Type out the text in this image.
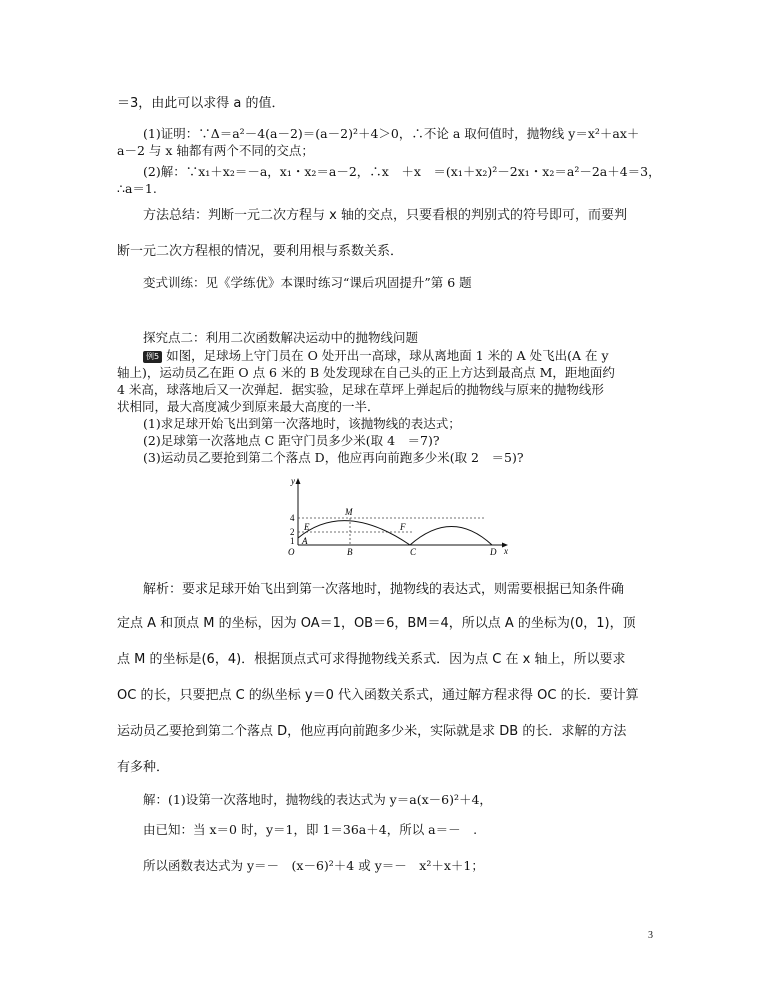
＝3，由此可以求得 a 的值．
(1)证明：∵Δ＝a²－4(a－2)＝(a－2)²＋4＞0，∴不论 a 取何值时，抛物线 y＝x²＋ax＋
a－2 与 x 轴都有两个不同的交点；
(2)解：∵x₁＋x₂＝－a，x₁・x₂＝a－2，∴x　＋x　＝(x₁＋x₂)²－2x₁・x₂＝a²－2a＋4＝3，
∴a＝1.
方法总结：判断一元二次方程与 x 轴的交点，只要看根的判别式的符号即可，而要判
断一元二次方程根的情况，要利用根与系数关系．
变式训练：见《学练优》本课时练习“课后巩固提升”第 6 题
探究点二：利用二次函数解决运动中的抛物线问题
例5 如图，足球场上守门员在 O 处开出一高球，球从离地面 1 米的 A 处飞出(A 在 y
轴上)，运动员乙在距 O 点 6 米的 B 处发现球在自己头的正上方达到最高点 M，距地面约
4 米高，球落地后又一次弹起．据实验，足球在草坪上弹起后的抛物线与原来的抛物线形
状相同，最大高度减少到原来最大高度的一半．
(1)求足球开始飞出到第一次落地时，该抛物线的表达式；
(2)足球第一次落地点 C 距守门员多少米(取 4　＝7)?
(3)运动员乙要抢到第二个落点 D，他应再向前跑多少米(取 2　＝5)?
解析：要求足球开始飞出到第一次落地时，抛物线的表达式，则需要根据已知条件确
定点 A 和顶点 M 的坐标，因为 OA＝1，OB＝6，BM＝4，所以点 A 的坐标为(0，1)，顶
点 M 的坐标是(6，4)．根据顶点式可求得抛物线关系式．因为点 C 在 x 轴上，所以要求
OC 的长，只要把点 C 的纵坐标 y＝0 代入函数关系式，通过解方程求得 OC 的长．要计算
运动员乙要抢到第二个落点 D，他应再向前跑多少米，实际就是求 DB 的长．求解的方法
有多种．
解：(1)设第一次落地时，抛物线的表达式为 y＝a(x－6)²＋4，
由已知：当 x＝0 时，y＝1，即 1＝36a＋4，所以 a＝－　.
所以函数表达式为 y＝－　(x－6)²＋4 或 y＝－　x²＋x＋1；
y
x
O
4
2
1 A
E
M
F
B	C	D
3
